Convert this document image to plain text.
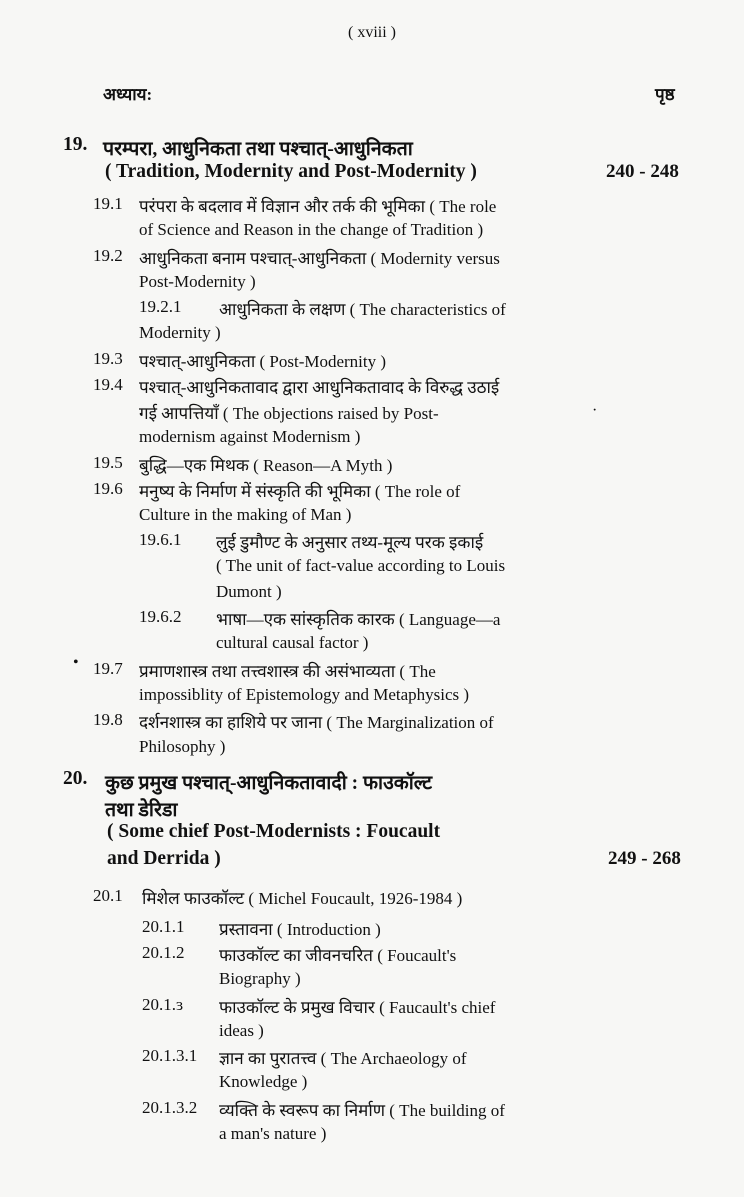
( xviii )
अध्याय:	पृष्ठ
19. परम्परा, आधुनिकता तथा पश्चात्-आधुनिकता
( Tradition, Modernity and Post-Modernity )	240 - 248
19.1 परंपरा के बदलाव में विज्ञान और तर्क की भूमिका ( The role
of Science and Reason in the change of Tradition )
19.2 आधुनिकता बनाम पश्चात्-आधुनिकता ( Modernity versus
Post-Modernity )
19.2.1 आधुनिकता के लक्षण ( The characteristics of
Modernity )
19.3 पश्चात्-आधुनिकता ( Post-Modernity )
19.4 पश्चात्-आधुनिकतावाद द्वारा आधुनिकतावाद के विरुद्ध उठाई
गई आपत्तियाँ ( The objections raised by Post-
modernism against Modernism )
·
19.5 बुद्धि—एक मिथक ( Reason—A Myth )
19.6 मनुष्य के निर्माण में संस्कृति की भूमिका ( The role of
Culture in the making of Man )
19.6.1 लुई डुमौण्ट के अनुसार तथ्य-मूल्य परक इकाई
( The unit of fact-value according to Louis
Dumont )
19.6.2 भाषा—एक सांस्कृतिक कारक ( Language—a
cultural causal factor )
• 19.7 प्रमाणशास्त्र तथा तत्त्वशास्त्र की असंभाव्यता ( The
impossiblity of Epistemology and Metaphysics )
19.8 दर्शनशास्त्र का हाशिये पर जाना ( The Marginalization of
Philosophy )
20. कुछ प्रमुख पश्चात्-आधुनिकतावादी : फाउकॉल्ट
तथा डेरिडा
( Some chief Post-Modernists : Foucault
and Derrida )	249 - 268
20.1 मिशेल फाउकॉल्ट ( Michel Foucault, 1926-1984 )
20.1.1 प्रस्तावना ( Introduction )
20.1.2 फाउकॉल्ट का जीवनचरित ( Foucault's
Biography )
20.1.ɜ फाउकॉल्ट के प्रमुख विचार ( Faucault's chief
ideas )
20.1.3.1 ज्ञान का पुरातत्त्व ( The Archaeology of
Knowledge )
20.1.3.2 व्यक्ति के स्वरूप का निर्माण ( The building of
a man's nature )
